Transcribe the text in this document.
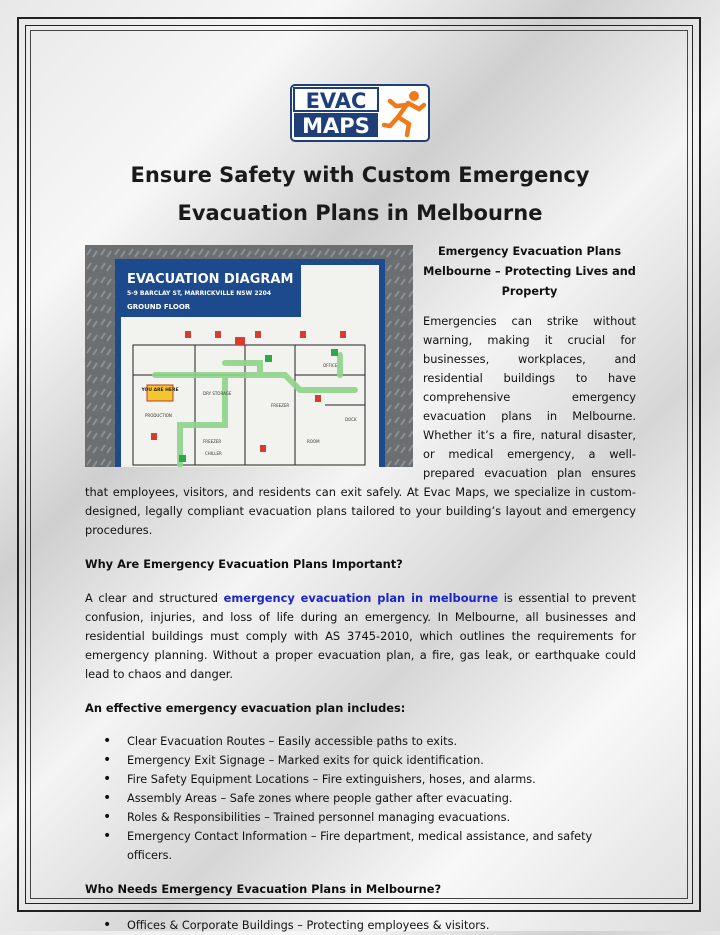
EVAC
MAPS
Ensure Safety with Custom Emergency Evacuation Plans in Melbourne
EVACUATION DIAGRAM
5-9 BARCLAY ST, MARRICKVILLE NSW 2204
GROUND FLOOR
YOU ARE HERE
PRODUCTION
DRY STORAGE
FREEZER
ROOM
FREEZER
CHILLER
OFFICE
DOCK
Emergency Evacuation Plans Melbourne – Protecting Lives and Property

Emergencies can strike without warning, making it crucial for businesses, workplaces, and residential buildings to have comprehensive emergency evacuation plans in Melbourne. Whether it’s a fire, natural disaster, or medical emergency, a well-prepared evacuation plan ensures that employees, visitors, and residents can exit safely. At Evac Maps, we specialize in custom-designed, legally compliant evacuation plans tailored to your building’s layout and emergency procedures.

Why Are Emergency Evacuation Plans Important?

A clear and structured emergency evacuation plan in melbourne is essential to prevent confusion, injuries, and loss of life during an emergency. In Melbourne, all businesses and residential buildings must comply with AS 3745-2010, which outlines the requirements for emergency planning. Without a proper evacuation plan, a fire, gas leak, or earthquake could lead to chaos and danger.

An effective emergency evacuation plan includes:
• Clear Evacuation Routes – Easily accessible paths to exits.
• Emergency Exit Signage – Marked exits for quick identification.
• Fire Safety Equipment Locations – Fire extinguishers, hoses, and alarms.
• Assembly Areas – Safe zones where people gather after evacuating.
• Roles & Responsibilities – Trained personnel managing evacuations.
• Emergency Contact Information – Fire department, medical assistance, and safety officers.
Who Needs Emergency Evacuation Plans in Melbourne?
• Offices & Corporate Buildings – Protecting employees & visitors.
